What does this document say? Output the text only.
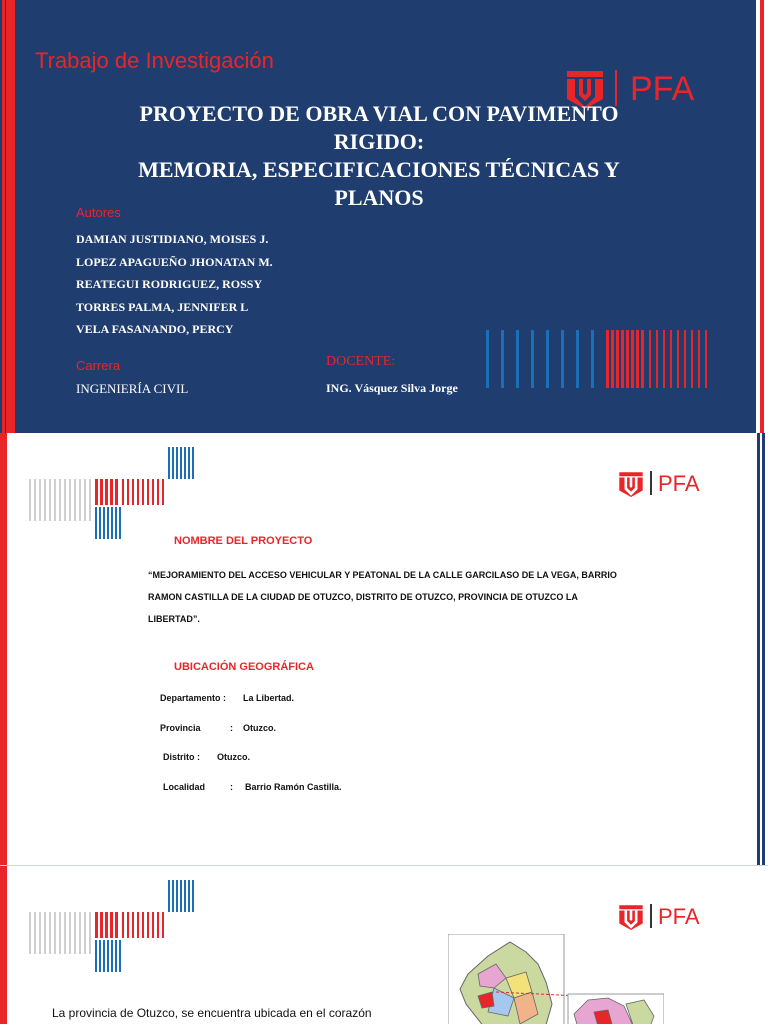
Trabajo de Investigación
PFA
PROYECTO DE OBRA VIAL CON PAVIMENTO
RIGIDO:
MEMORIA, ESPECIFICACIONES TÉCNICAS Y
PLANOS
Autores
DAMIAN JUSTIDIANO, MOISES J.
LOPEZ APAGUEÑO JHONATAN M.
REATEGUI RODRIGUEZ, ROSSY
TORRES PALMA, JENNIFER L
VELA FASANANDO, PERCY
Carrera
INGENIERÍA CIVIL
DOCENTE:
ING. Vásquez Silva Jorge
PFA
NOMBRE DEL PROYECTO
“MEJORAMIENTO DEL ACCESO VEHICULAR Y PEATONAL DE LA CALLE GARCILASO DE LA VEGA, BARRIO
RAMON CASTILLA DE LA CIUDAD DE OTUZCO, DISTRITO DE OTUZCO, PROVINCIA DE OTUZCO LA
LIBERTAD”.
UBICACIÓN GEOGRÁFICA
Departamento : La Libertad.
Provincia	: Otuzco.
Distrito : Otuzco.
Localidad	: Barrio Ramón Castilla.
PFA
La provincia de Otuzco, se encuentra ubicada en el corazón
